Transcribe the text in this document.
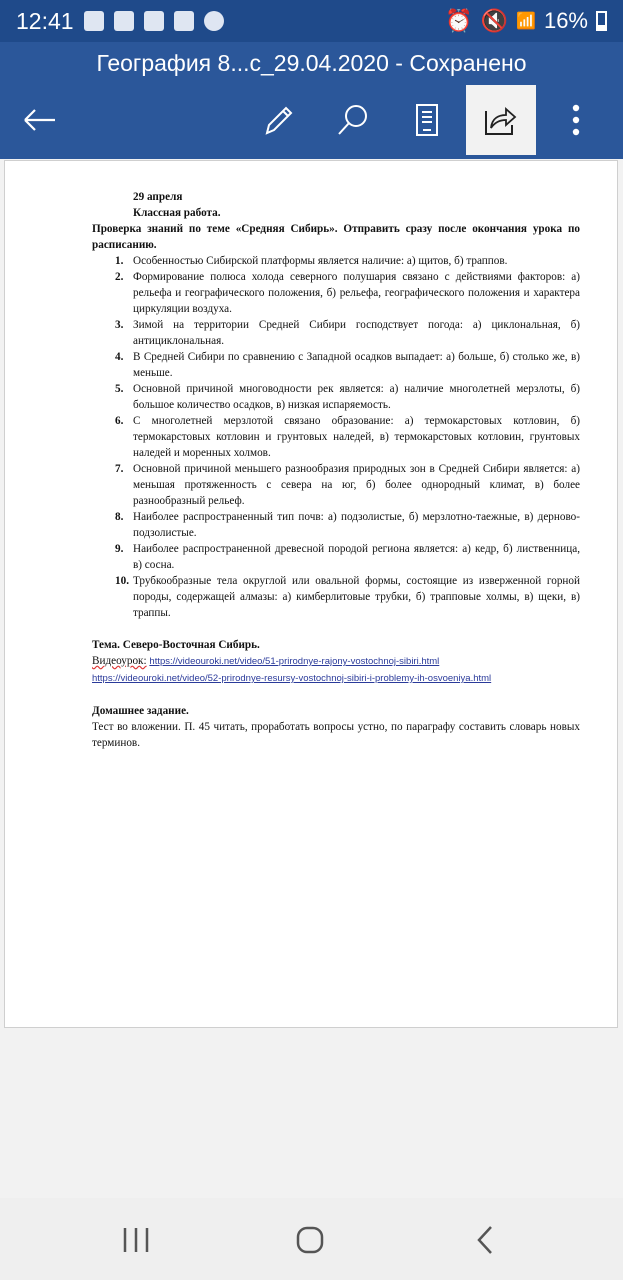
12:41	⏰ 🔇 📶 16%
География 8...с_29.04.2020 - Сохранено
29 апреля
Классная работа.
Проверка знаний по теме «Средняя Сибирь». Отправить сразу после окончания урока по расписанию.
1. Особенностью Сибирской платформы является наличие: а) щитов, б) траппов.
2. Формирование полюса холода северного полушария связано с действиями факторов: а) рельефа и географического положения, б) рельефа, географического положения и характера циркуляции воздуха.
3. Зимой на территории Средней Сибири господствует погода: а) циклональная, б) антициклональная.
4. В Средней Сибири по сравнению с Западной осадков выпадает: а) больше, б) столько же, в) меньше.
5. Основной причиной многоводности рек является: а) наличие многолетней мерзлоты, б) большое количество осадков, в) низкая испаряемость.
6. С многолетней мерзлотой связано образование: а) термокарстовых котловин, б) термокарстовых котловин и грунтовых наледей, в) термокарстовых котловин, грунтовых наледей и моренных холмов.
7. Основной причиной меньшего разнообразия природных зон в Средней Сибири является: а) меньшая протяженность с севера на юг, б) более однородный климат, в) более разнообразный рельеф.
8. Наиболее распространенный тип почв: а) подзолистые, б) мерзлотно-таежные, в) дерново-подзолистые.
9. Наиболее распространенной древесной породой региона является: а) кедр, б) лиственница, в) сосна.
10. Трубкообразные тела округлой или овальной формы, состоящие из изверженной горной породы, содержащей алмазы: а) кимберлитовые трубки, б) трапповые холмы, в) щеки, в) траппы.
Тема. Северо-Восточная Сибирь.
Видеоурок: https://videouroki.net/video/51-prirodnye-rajony-vostochnoj-sibiri.html
https://videouroki.net/video/52-prirodnye-resursy-vostochnoj-sibiri-i-problemy-ih-osvoeniya.html
Домашнее задание.
Тест во вложении. П. 45 читать, проработать вопросы устно, по параграфу составить словарь новых терминов.
